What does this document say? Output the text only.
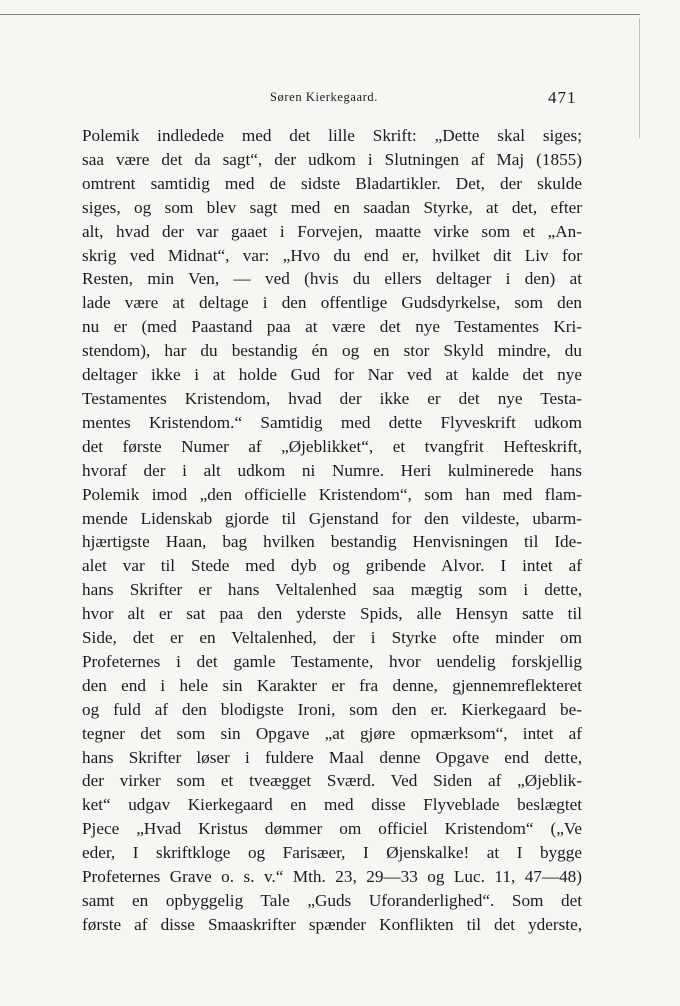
Søren Kierkegaard.	471
Polemik indledede med det lille Skrift: „Dette skal siges;
saa være det da sagt“, der udkom i Slutningen af Maj (1855)
omtrent samtidig med de sidste Bladartikler. Det, der skulde
siges, og som blev sagt med en saadan Styrke, at det, efter
alt, hvad der var gaaet i Forvejen, maatte virke som et „An-
skrig ved Midnat“, var: „Hvo du end er, hvilket dit Liv for
Resten, min Ven, — ved (hvis du ellers deltager i den) at
lade være at deltage i den offentlige Gudsdyrkelse, som den
nu er (med Paastand paa at være det nye Testamentes Kri-
stendom), har du bestandig én og en stor Skyld mindre, du
deltager ikke i at holde Gud for Nar ved at kalde det nye
Testamentes Kristendom, hvad der ikke er det nye Testa-
mentes Kristendom.“ Samtidig med dette Flyveskrift udkom
det første Numer af „Øjeblikket“, et tvangfrit Hefteskrift,
hvoraf der i alt udkom ni Numre. Heri kulminerede hans
Polemik imod „den officielle Kristendom“, som han med flam-
mende Lidenskab gjorde til Gjenstand for den vildeste, ubarm-
hjærtigste Haan, bag hvilken bestandig Henvisningen til Ide-
alet var til Stede med dyb og gribende Alvor. I intet af
hans Skrifter er hans Veltalenhed saa mægtig som i dette,
hvor alt er sat paa den yderste Spids, alle Hensyn satte til
Side, det er en Veltalenhed, der i Styrke ofte minder om
Profeternes i det gamle Testamente, hvor uendelig forskjellig
den end i hele sin Karakter er fra denne, gjennemreflekteret
og fuld af den blodigste Ironi, som den er. Kierkegaard be-
tegner det som sin Opgave „at gjøre opmærksom“, intet af
hans Skrifter løser i fuldere Maal denne Opgave end dette,
der virker som et tveægget Sværd. Ved Siden af „Øjeblik-
ket“ udgav Kierkegaard en med disse Flyveblade beslægtet
Pjece „Hvad Kristus dømmer om officiel Kristendom“ („Ve
eder, I skriftkloge og Farisæer, I Øjenskalke! at I bygge
Profeternes Grave o. s. v.“ Mth. 23, 29—33 og Luc. 11, 47—48)
samt en opbyggelig Tale „Guds Uforanderlighed“. Som det
første af disse Smaaskrifter spænder Konflikten til det yderste,
